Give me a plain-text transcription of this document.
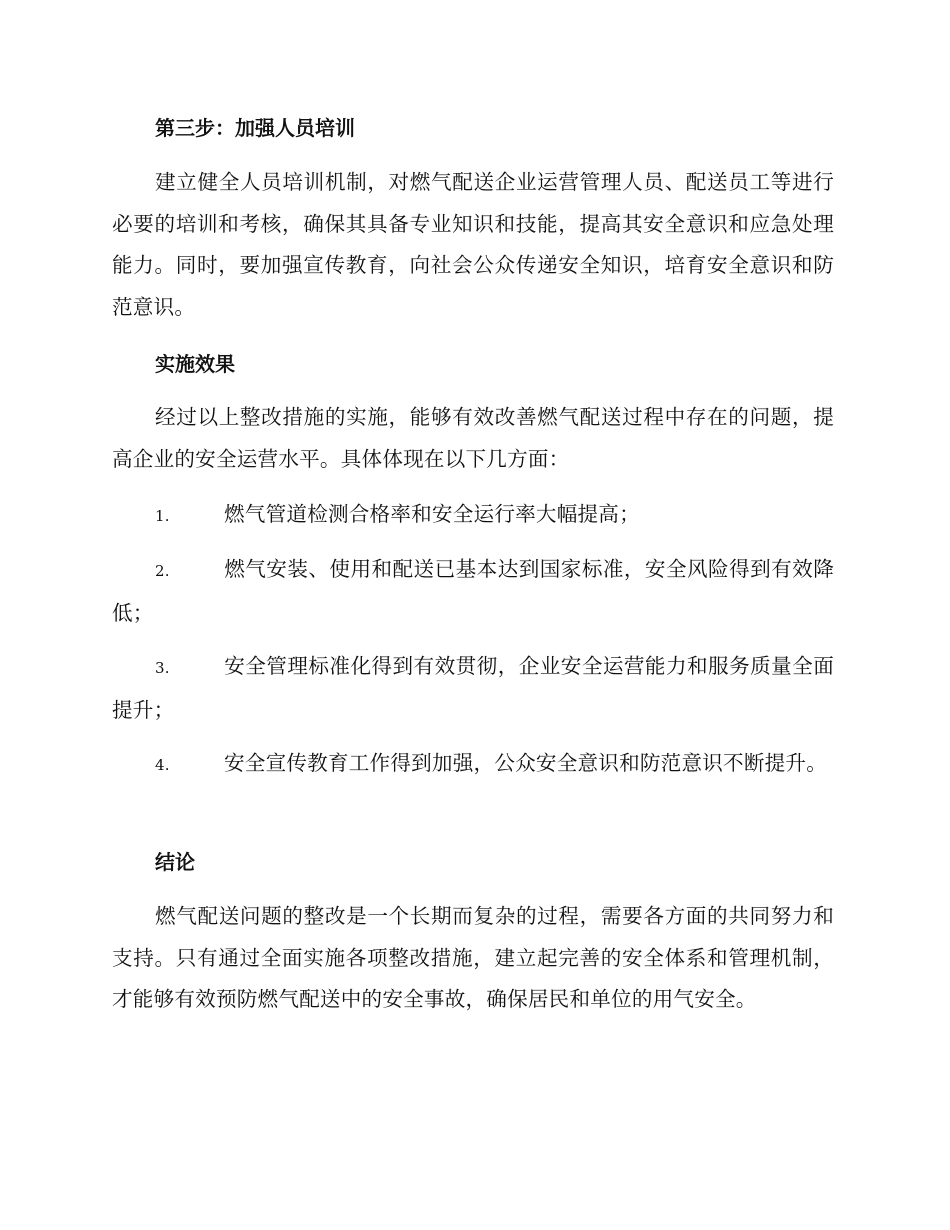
第三步：加强人员培训
建立健全人员培训机制，对燃气配送企业运营管理人员、配送员工等进行必要的培训和考核，确保其具备专业知识和技能，提高其安全意识和应急处理能力。同时，要加强宣传教育，向社会公众传递安全知识，培育安全意识和防范意识。
实施效果
经过以上整改措施的实施，能够有效改善燃气配送过程中存在的问题，提高企业的安全运营水平。具体体现在以下几方面：
1.	燃气管道检测合格率和安全运行率大幅提高；
2.	燃气安装、使用和配送已基本达到国家标准，安全风险得到有效降低；
3.	安全管理标准化得到有效贯彻，企业安全运营能力和服务质量全面提升；
4.	安全宣传教育工作得到加强，公众安全意识和防范意识不断提升。
结论
燃气配送问题的整改是一个长期而复杂的过程，需要各方面的共同努力和支持。只有通过全面实施各项整改措施，建立起完善的安全体系和管理机制，才能够有效预防燃气配送中的安全事故，确保居民和单位的用气安全。
